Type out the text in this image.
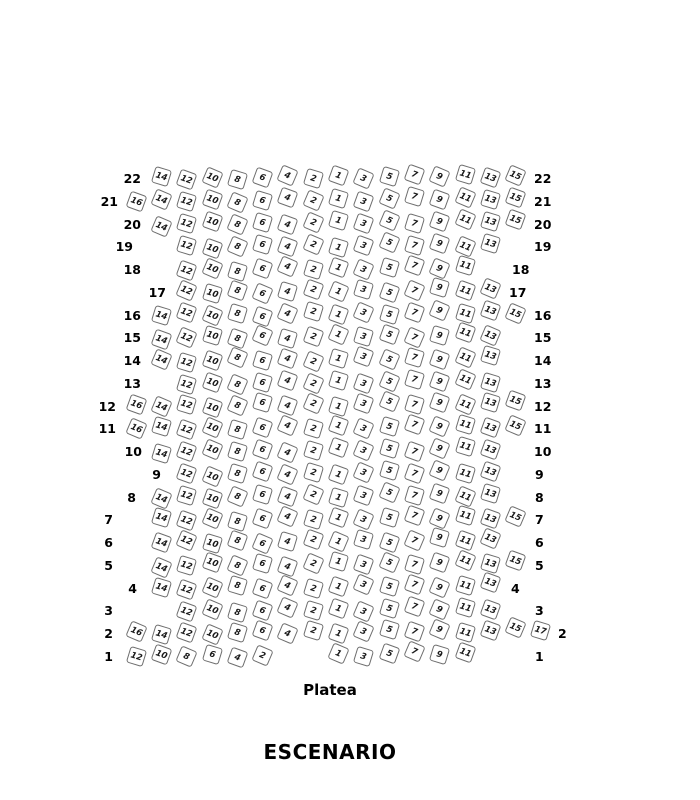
22	14	12	10	8	6	4	2	1	3	5	7	9	11	13	15 22
21	16	14	12	10	8	6	4	2	1	3	5	7	9	11	13	15 21
20	14	12	10	8	6	4	2	1	3	5	7	9	11	13	15 20
19	12	10	8	6	4	2	1	3	5	7	9	11	13	19
18	12	10	8	6	4	2	1	3	5	7	9	11	18
17	12	10	8	6	4	2	1	3	5	7	9	11	13 17
16	14	12	10	8	6	4	2	1	3	5	7	9	11	13	15 16
15	14	12	10	8	6	4	2	1	3	5	7	9	11	13	15
14	14	12	10	8	6	4	2	1	3	5	7	9	11	13	14
13	12	10	8	6	4	2	1	3	5	7	9	11	13	13
12	16	14	12	10	8	6	4	2	1	3	5	7	9	11	13	15 12
11	16	14	12	10	8	6	4	2	1	3	5	7	9	11	13	15 11
10	14	12	10	8	6	4	2	1	3	5	7	9	11	13	10
9	12	10	8	6	4	2	1	3	5	7	9	11	13	9
8	14	12	10	8	6	4	2	1	3	5	7	9	11	13	8
7	14	12	10	8	6	4	2	1	3	5	7	9	11	13	15 7
6	14	12	10	8	6	4	2	1	3	5	7	9	11	13	6
5	14	12	10	8	6	4	2	1	3	5	7	9	11	13	15 5
4	14	12	10	8	6	4	2	1	3	5	7	9	11	13 4
3	12	10	8	6	4	2	1	3	5	7	9	11	13	3
2	16	14	12	10	8	6	4	2	1	3	5	7	9	11	13	15	17 2
1	12	10	8	6	4	2	1	3	5	7	9	11	1
Platea
ESCENARIO
